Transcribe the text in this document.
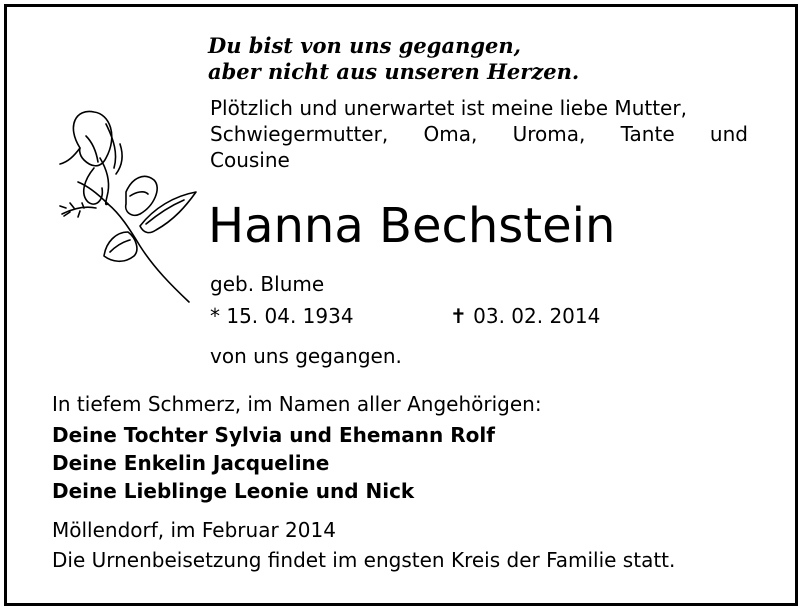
Du bist von uns gegangen,
aber nicht aus unseren Herzen.
Plötzlich und unerwartet ist meine liebe Mutter,
Schwiegermutter, Oma, Uroma, Tante und
Cousine
Hanna Bechstein
geb. Blume
* 15. 04. 1934	✝ 03. 02. 2014
von uns gegangen.
In tiefem Schmerz, im Namen aller Angehörigen:
Deine Tochter Sylvia und Ehemann Rolf
Deine Enkelin Jacqueline
Deine Lieblinge Leonie und Nick
Möllendorf, im Februar 2014
Die Urnenbeisetzung findet im engsten Kreis der Familie statt.
